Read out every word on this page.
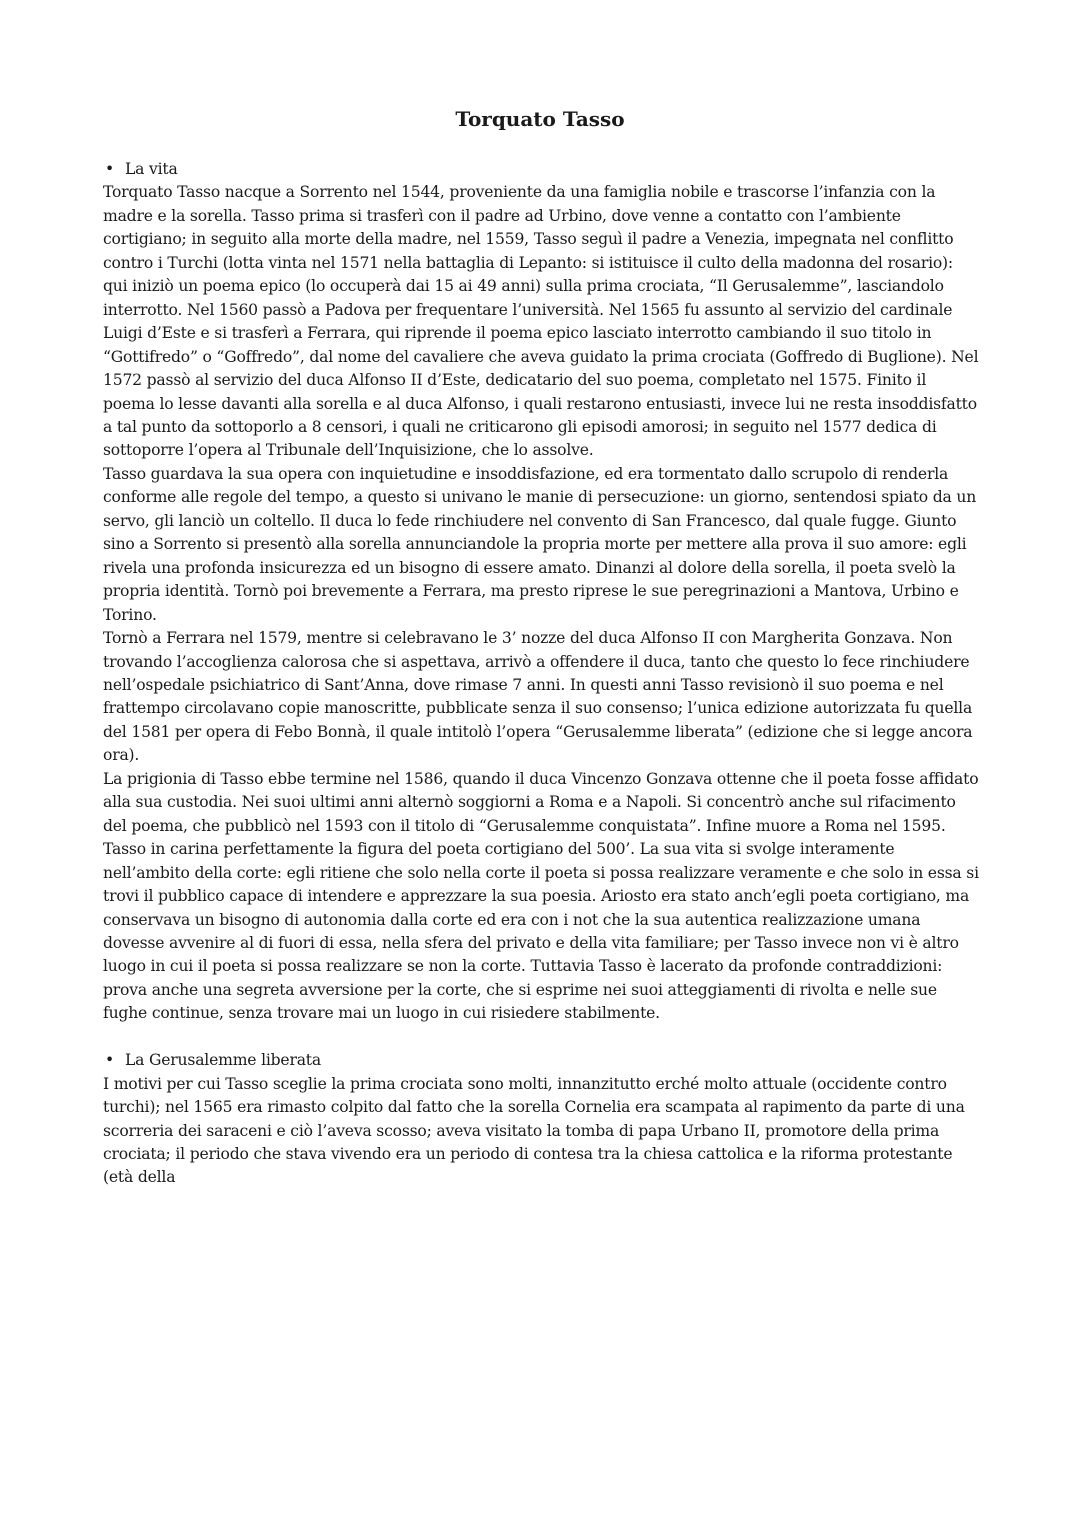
Torquato Tasso

• La vita

Torquato Tasso nacque a Sorrento nel 1544, proveniente da una famiglia nobile e trascorse l’infanzia con la madre e la sorella. Tasso prima si trasferì con il padre ad Urbino, dove venne a contatto con l’ambiente cortigiano; in seguito alla morte della madre, nel 1559, Tasso seguì il padre a Venezia, impegnata nel conflitto contro i Turchi (lotta vinta nel 1571 nella battaglia di Lepanto: si istituisce il culto della madonna del rosario): qui iniziò un poema epico (lo occuperà dai 15 ai 49 anni) sulla prima crociata, “Il Gerusalemme”, lasciandolo interrotto. Nel 1560 passò a Padova per frequentare l’università. Nel 1565 fu assunto al servizio del cardinale Luigi d’Este e si trasferì a Ferrara, qui riprende il poema epico lasciato interrotto cambiando il suo titolo in “Gottifredo” o “Goffredo”, dal nome del cavaliere che aveva guidato la prima crociata (Goffredo di Buglione). Nel 1572 passò al servizio del duca Alfonso II d’Este, dedicatario del suo poema, completato nel 1575. Finito il poema lo lesse davanti alla sorella e al duca Alfonso, i quali restarono entusiasti, invece lui ne resta insoddisfatto a tal punto da sottoporlo a 8 censori, i quali ne criticarono gli episodi amorosi; in seguito nel 1577 dedica di sottoporre l’opera al Tribunale dell’Inquisizione, che lo assolve.

Tasso guardava la sua opera con inquietudine e insoddisfazione, ed era tormentato dallo scrupolo di renderla conforme alle regole del tempo, a questo si univano le manie di persecuzione: un giorno, sentendosi spiato da un servo, gli lanciò un coltello. Il duca lo fede rinchiudere nel convento di San Francesco, dal quale fugge. Giunto sino a Sorrento si presentò alla sorella annunciandole la propria morte per mettere alla prova il suo amore: egli rivela una profonda insicurezza ed un bisogno di essere amato. Dinanzi al dolore della sorella, il poeta svelò la propria identità. Tornò poi brevemente a Ferrara, ma presto riprese le sue peregrinazioni a Mantova, Urbino e Torino.

Tornò a Ferrara nel 1579, mentre si celebravano le 3’ nozze del duca Alfonso II con Margherita Gonzava. Non trovando l’accoglienza calorosa che si aspettava, arrivò a offendere il duca, tanto che questo lo fece rinchiudere nell’ospedale psichiatrico di Sant’Anna, dove rimase 7 anni. In questi anni Tasso revisionò il suo poema e nel frattempo circolavano copie manoscritte, pubblicate senza il suo consenso; l’unica edizione autorizzata fu quella del 1581 per opera di Febo Bonnà, il quale intitolò l’opera “Gerusalemme liberata” (edizione che si legge ancora ora).

La prigionia di Tasso ebbe termine nel 1586, quando il duca Vincenzo Gonzava ottenne che il poeta fosse affidato alla sua custodia. Nei suoi ultimi anni alternò soggiorni a Roma e a Napoli. Si concentrò anche sul rifacimento del poema, che pubblicò nel 1593 con il titolo di “Gerusalemme conquistata”. Infine muore a Roma nel 1595.

Tasso in carina perfettamente la figura del poeta cortigiano del 500’. La sua vita si svolge interamente nell’ambito della corte: egli ritiene che solo nella corte il poeta si possa realizzare veramente e che solo in essa si trovi il pubblico capace di intendere e apprezzare la sua poesia. Ariosto era stato anch’egli poeta cortigiano, ma conservava un bisogno di autonomia dalla corte ed era con i not che la sua autentica realizzazione umana dovesse avvenire al di fuori di essa, nella sfera del privato e della vita familiare; per Tasso invece non vi è altro luogo in cui il poeta si possa realizzare se non la corte. Tuttavia Tasso è lacerato da profonde contraddizioni: prova anche una segreta avversione per la corte, che si esprime nei suoi atteggiamenti di rivolta e nelle sue fughe continue, senza trovare mai un luogo in cui risiedere stabilmente.

• La Gerusalemme liberata

I motivi per cui Tasso sceglie la prima crociata sono molti, innanzitutto erché molto attuale (occidente contro turchi); nel 1565 era rimasto colpito dal fatto che la sorella Cornelia era scampata al rapimento da parte di una scorreria dei saraceni e ciò l’aveva scosso; aveva visitato la tomba di papa Urbano II, promotore della prima crociata; il periodo che stava vivendo era un periodo di contesa tra la chiesa cattolica e la riforma protestante (età della
